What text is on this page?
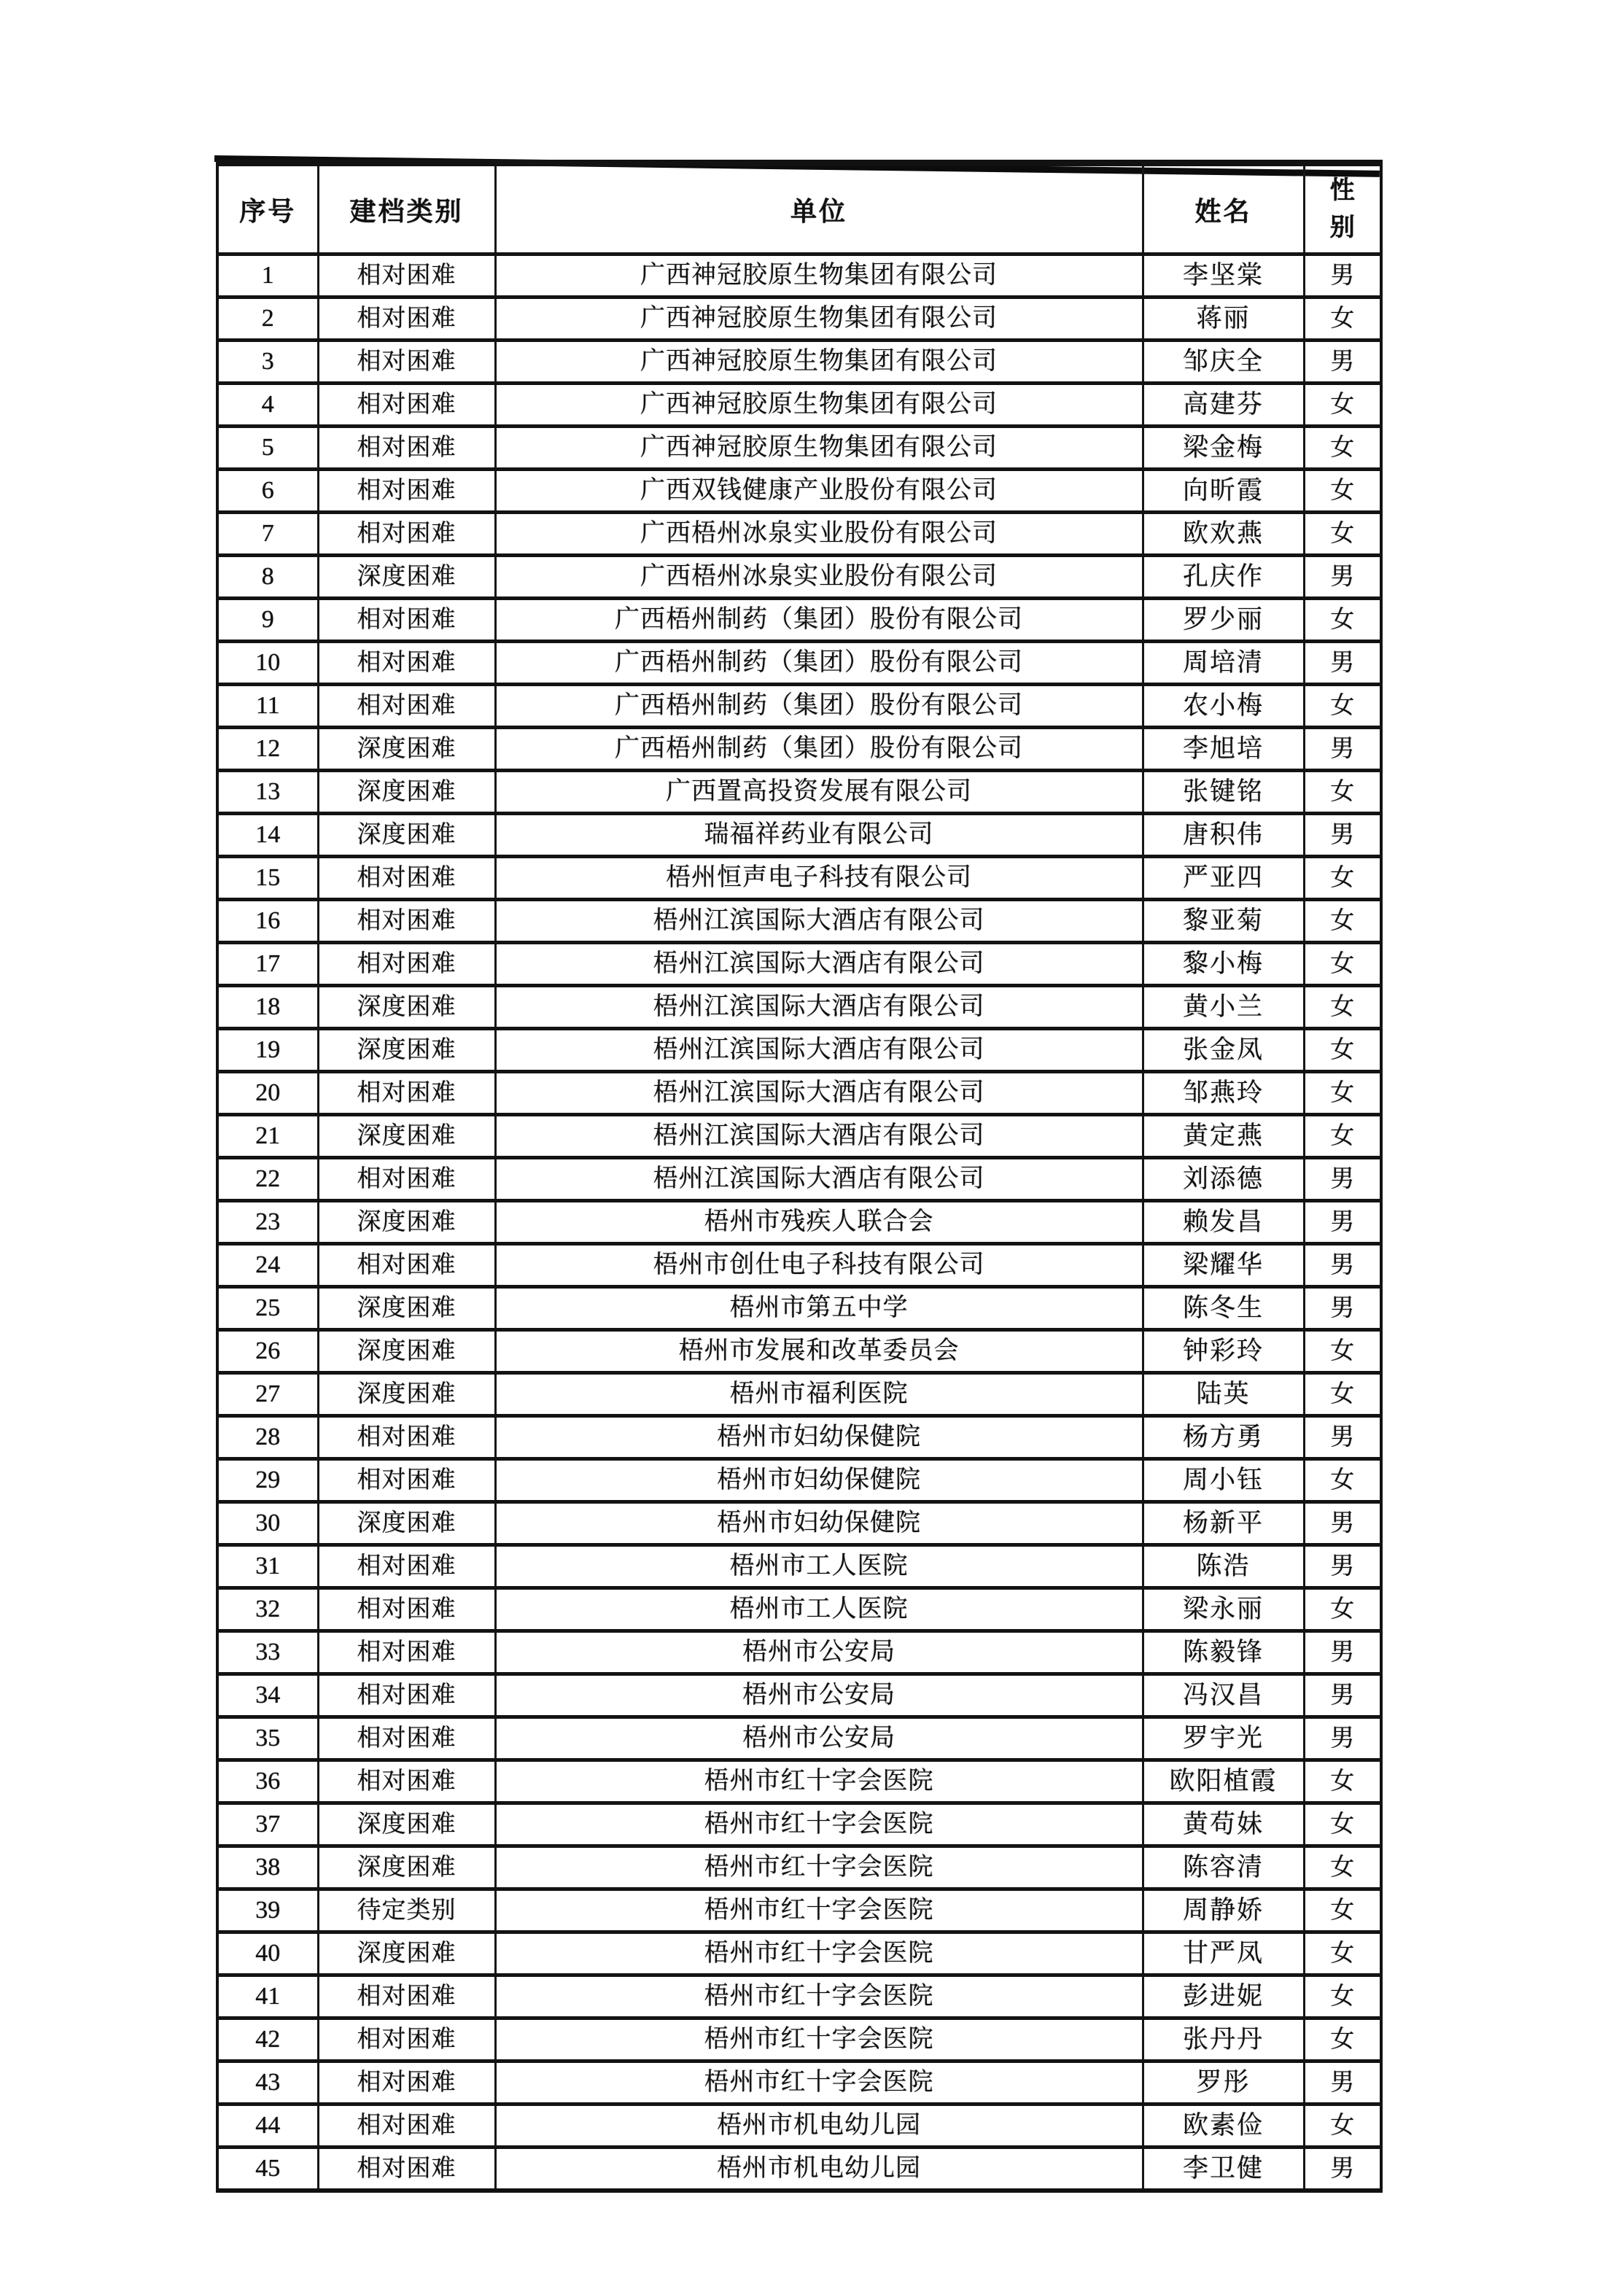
序号	建档类别	单位	姓名	性别
1	相对困难	广西神冠胶原生物集团有限公司	李坚棠	男
2	相对困难	广西神冠胶原生物集团有限公司	蒋丽	女
3	相对困难	广西神冠胶原生物集团有限公司	邹庆全	男
4	相对困难	广西神冠胶原生物集团有限公司	高建芬	女
5	相对困难	广西神冠胶原生物集团有限公司	梁金梅	女
6	相对困难	广西双钱健康产业股份有限公司	向昕霞	女
7	相对困难	广西梧州冰泉实业股份有限公司	欧欢燕	女
8	深度困难	广西梧州冰泉实业股份有限公司	孔庆作	男
9	相对困难	广西梧州制药（集团）股份有限公司	罗少丽	女
10	相对困难	广西梧州制药（集团）股份有限公司	周培清	男
11	相对困难	广西梧州制药（集团）股份有限公司	农小梅	女
12	深度困难	广西梧州制药（集团）股份有限公司	李旭培	男
13	深度困难	广西置高投资发展有限公司	张键铭	女
14	深度困难	瑞福祥药业有限公司	唐积伟	男
15	相对困难	梧州恒声电子科技有限公司	严亚四	女
16	相对困难	梧州江滨国际大酒店有限公司	黎亚菊	女
17	相对困难	梧州江滨国际大酒店有限公司	黎小梅	女
18	深度困难	梧州江滨国际大酒店有限公司	黄小兰	女
19	深度困难	梧州江滨国际大酒店有限公司	张金凤	女
20	相对困难	梧州江滨国际大酒店有限公司	邹燕玲	女
21	深度困难	梧州江滨国际大酒店有限公司	黄定燕	女
22	相对困难	梧州江滨国际大酒店有限公司	刘添德	男
23	深度困难	梧州市残疾人联合会	赖发昌	男
24	相对困难	梧州市创仕电子科技有限公司	梁耀华	男
25	深度困难	梧州市第五中学	陈冬生	男
26	深度困难	梧州市发展和改革委员会	钟彩玲	女
27	深度困难	梧州市福利医院	陆英	女
28	相对困难	梧州市妇幼保健院	杨方勇	男
29	相对困难	梧州市妇幼保健院	周小钰	女
30	深度困难	梧州市妇幼保健院	杨新平	男
31	相对困难	梧州市工人医院	陈浩	男
32	相对困难	梧州市工人医院	梁永丽	女
33	相对困难	梧州市公安局	陈毅锋	男
34	相对困难	梧州市公安局	冯汉昌	男
35	相对困难	梧州市公安局	罗宇光	男
36	相对困难	梧州市红十字会医院	欧阳植霞	女
37	深度困难	梧州市红十字会医院	黄苟妹	女
38	深度困难	梧州市红十字会医院	陈容清	女
39	待定类别	梧州市红十字会医院	周静娇	女
40	深度困难	梧州市红十字会医院	甘严凤	女
41	相对困难	梧州市红十字会医院	彭进妮	女
42	相对困难	梧州市红十字会医院	张丹丹	女
43	相对困难	梧州市红十字会医院	罗彤	男
44	相对困难	梧州市机电幼儿园	欧素俭	女
45	相对困难	梧州市机电幼儿园	李卫健	男
